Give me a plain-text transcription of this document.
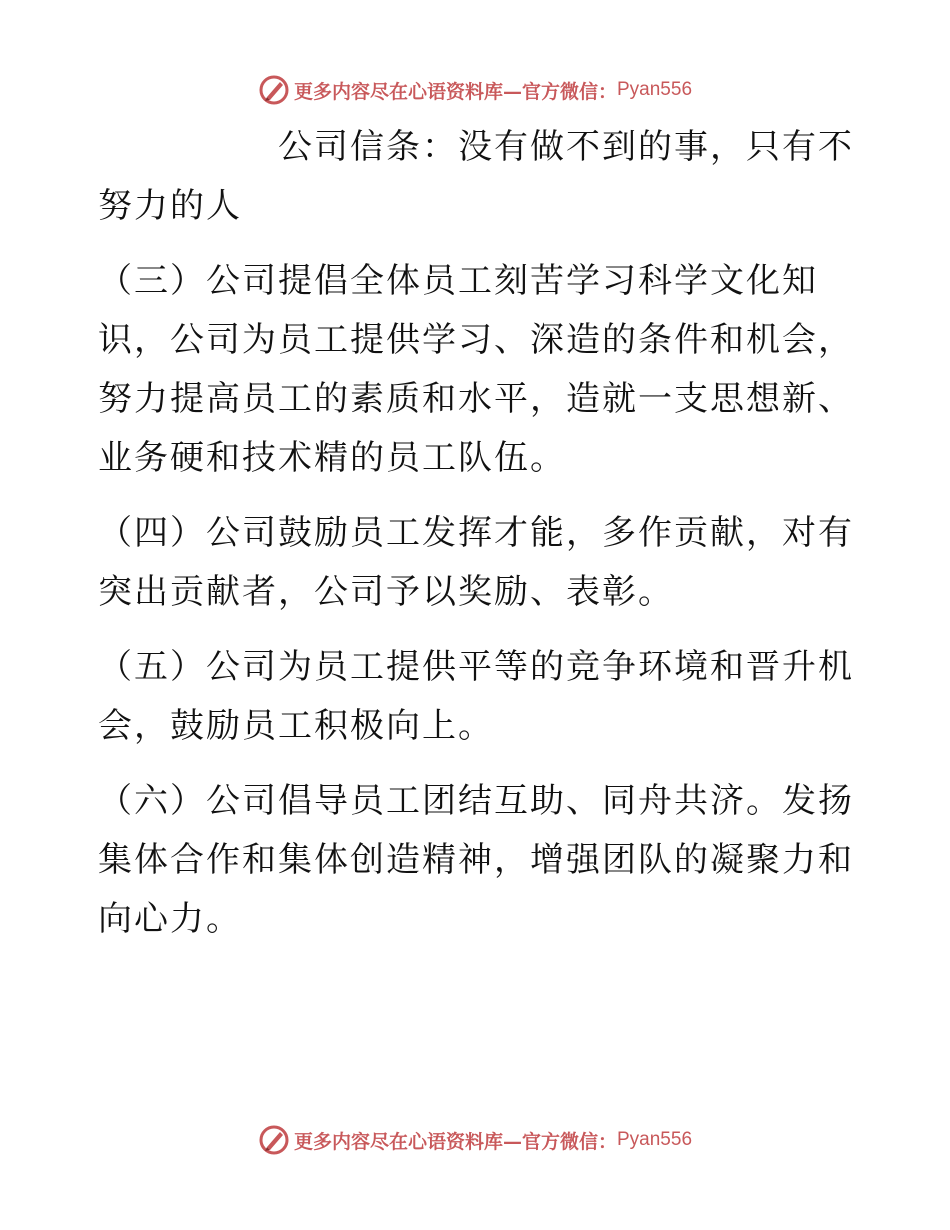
更多内容尽在心语资料库—官方微信： Pyan556

公司信条：没有做不到的事，只有不努力的人

（三）公司提倡全体员工刻苦学习科学文化知识，公司为员工提供学习、深造的条件和机会，努力提高员工的素质和水平，造就一支思想新、业务硬和技术精的员工队伍。

（四）公司鼓励员工发挥才能，多作贡献，对有突出贡献者，公司予以奖励、表彰。

（五）公司为员工提供平等的竞争环境和晋升机会，鼓励员工积极向上。

（六）公司倡导员工团结互助、同舟共济。发扬集体合作和集体创造精神，增强团队的凝聚力和向心力。

更多内容尽在心语资料库—官方微信： Pyan556
